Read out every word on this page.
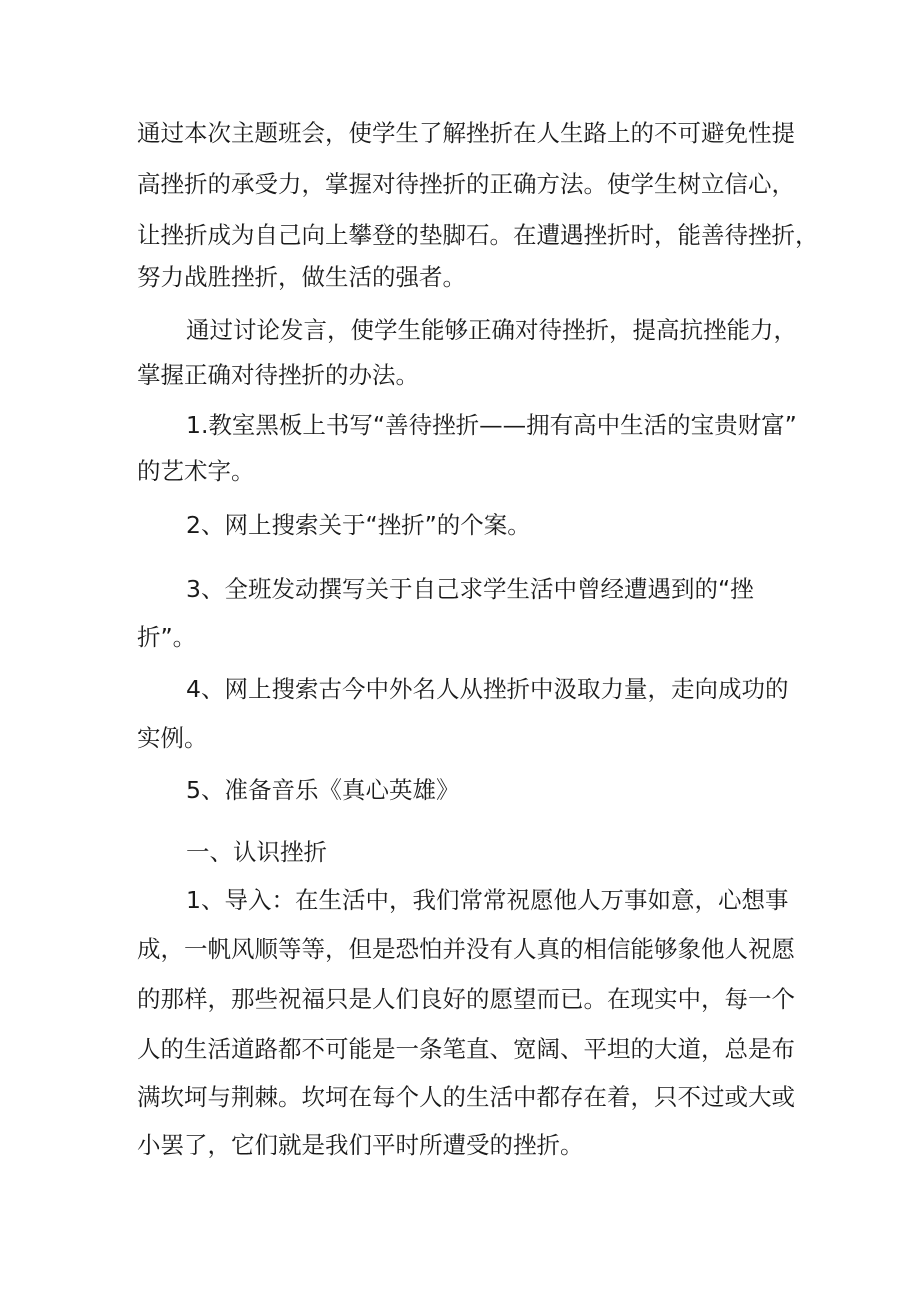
通过本次主题班会，使学生了解挫折在人生路上的不可避免性提

高挫折的承受力，掌握对待挫折的正确方法。使学生树立信心，

让挫折成为自己向上攀登的垫脚石。在遭遇挫折时，能善待挫折，

努力战胜挫折，做生活的强者。

通过讨论发言，使学生能够正确对待挫折，提高抗挫能力，

掌握正确对待挫折的办法。

1.教室黑板上书写“善待挫折——拥有高中生活的宝贵财富”

的艺术字。

2、网上搜索关于“挫折”的个案。

3、全班发动撰写关于自己求学生活中曾经遭遇到的“挫

折”。

4、网上搜索古今中外名人从挫折中汲取力量，走向成功的

实例。

5、准备音乐《真心英雄》

一、认识挫折

1、导入：在生活中，我们常常祝愿他人万事如意，心想事

成，一帆风顺等等，但是恐怕并没有人真的相信能够象他人祝愿

的那样，那些祝福只是人们良好的愿望而已。在现实中，每一个

人的生活道路都不可能是一条笔直、宽阔、平坦的大道，总是布

满坎坷与荆棘。坎坷在每个人的生活中都存在着，只不过或大或

小罢了，它们就是我们平时所遭受的挫折。
